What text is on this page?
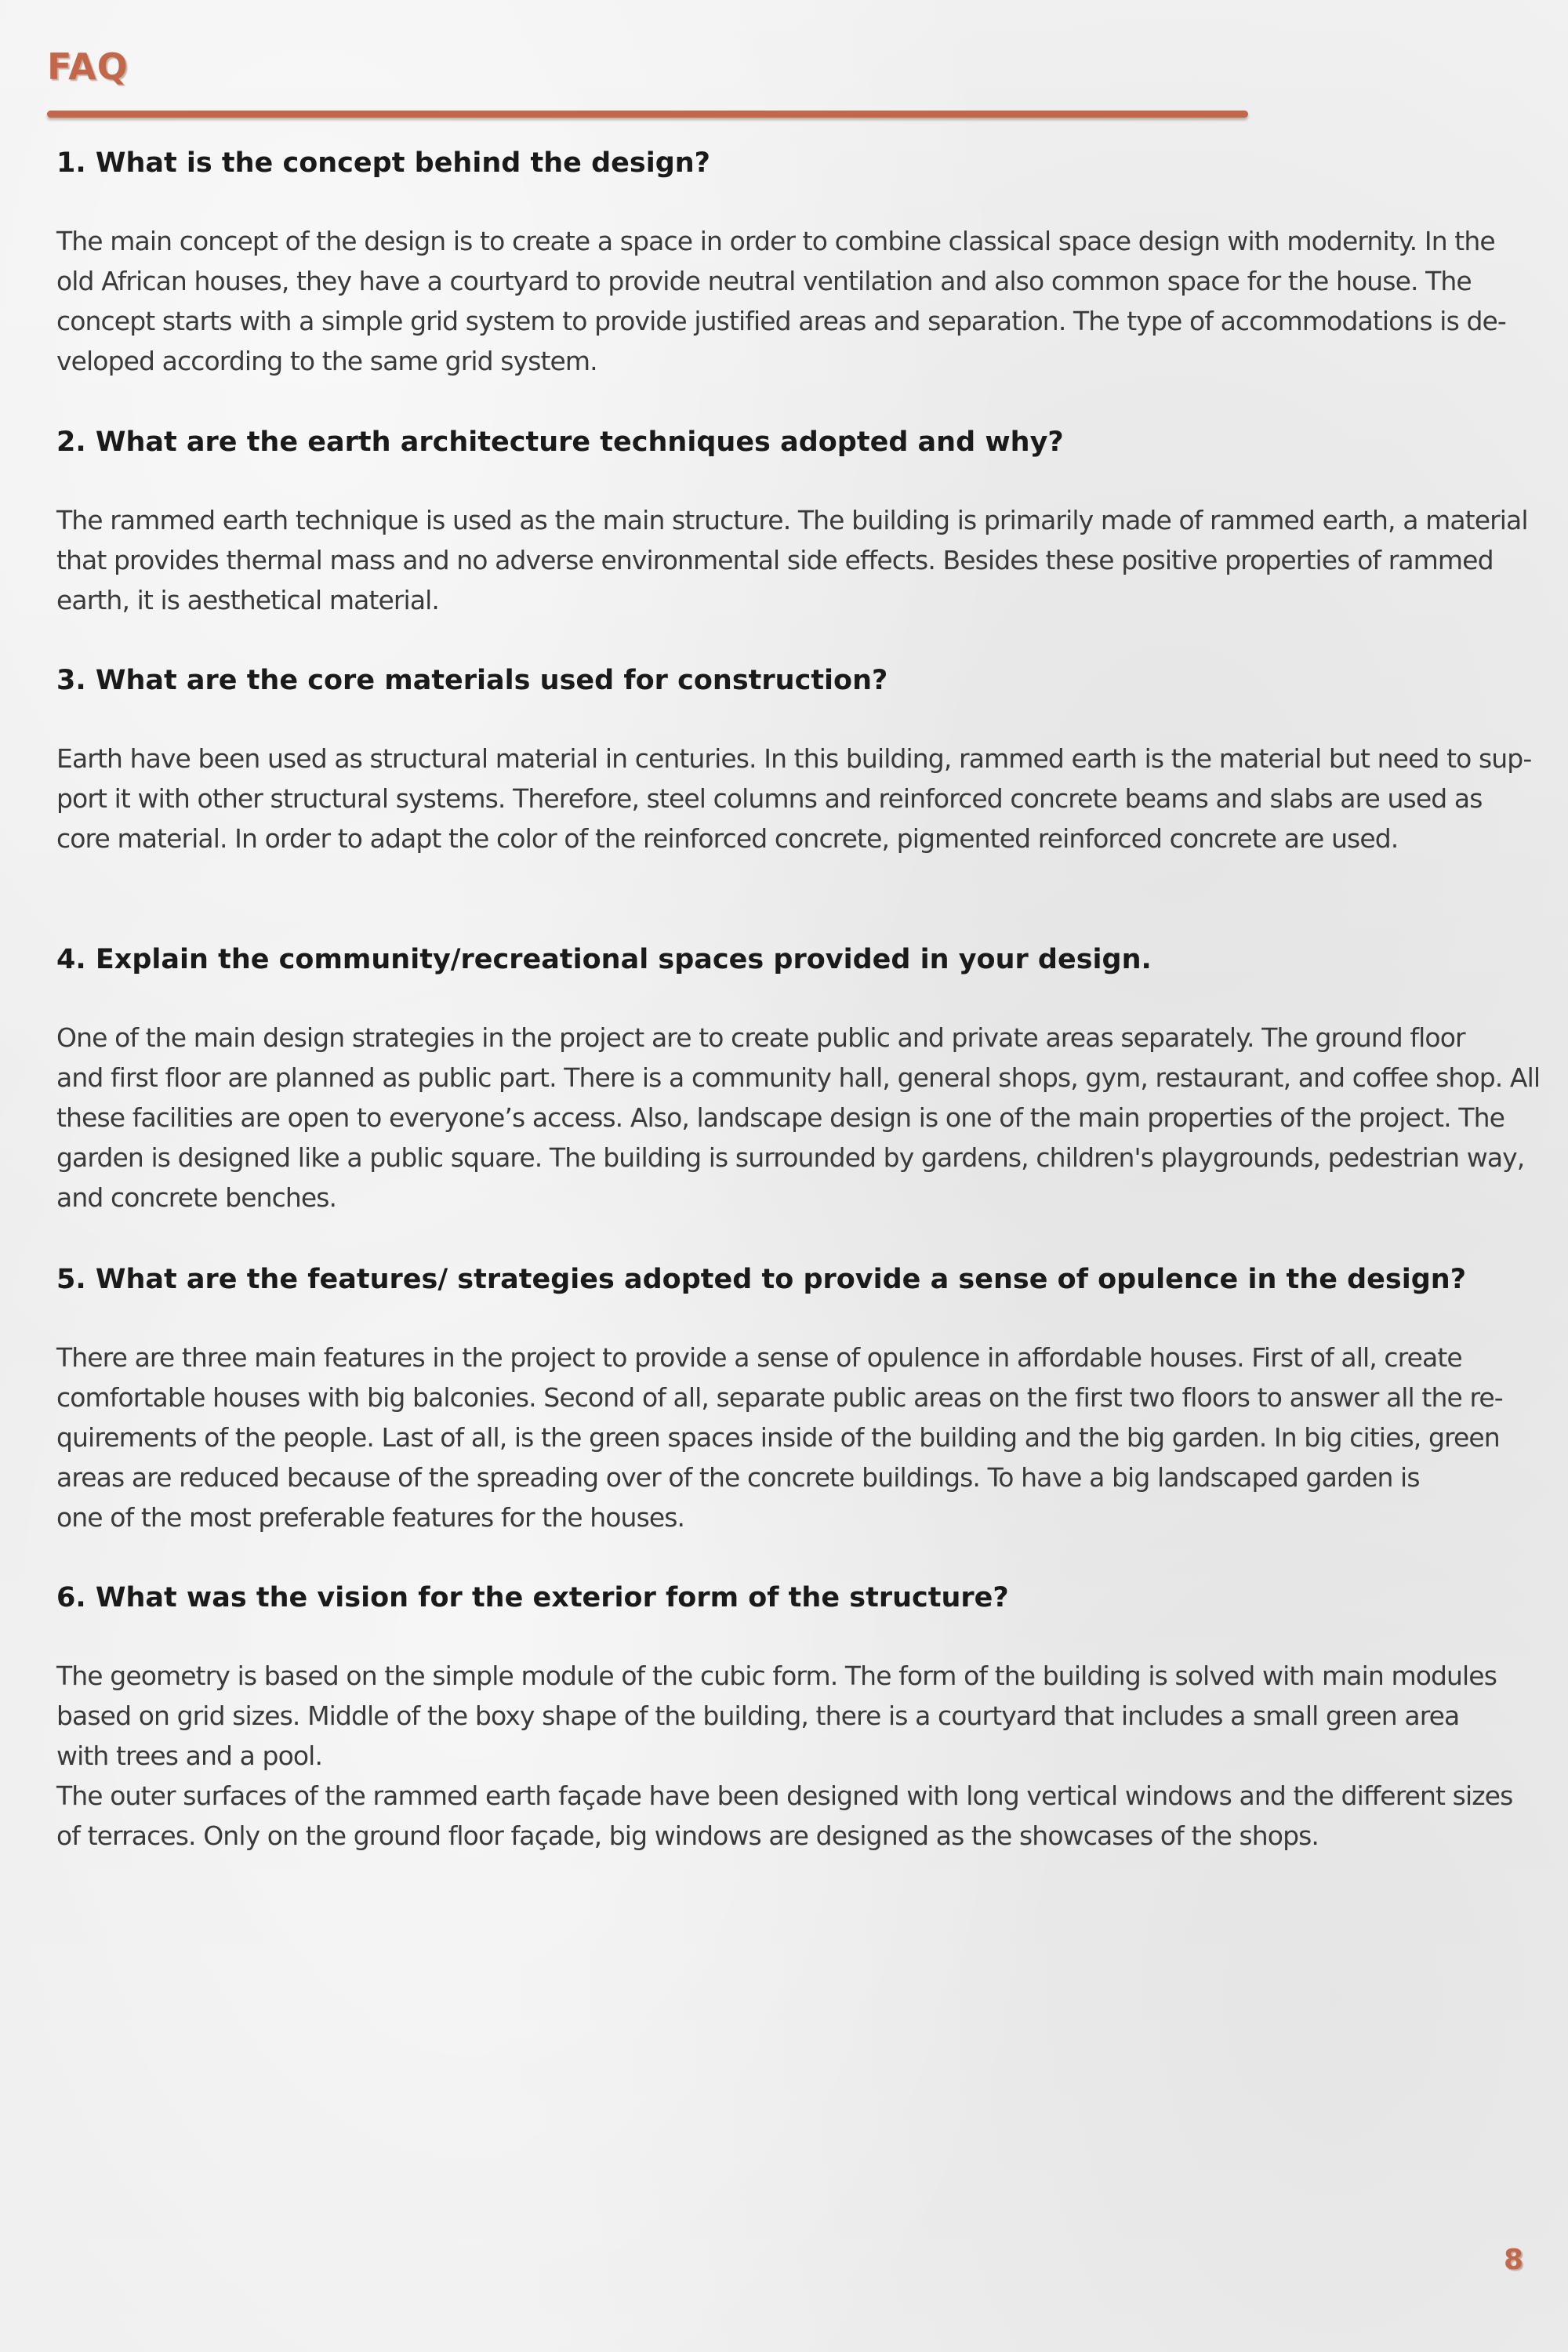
FAQ
1. What is the concept behind the design?

The main concept of the design is to create a space in order to combine classical space design with modernity. In the
old African houses, they have a courtyard to provide neutral ventilation and also common space for the house. The
concept starts with a simple grid system to provide justified areas and separation. The type of accommodations is de-
veloped according to the same grid system.

2. What are the earth architecture techniques adopted and why?

The rammed earth technique is used as the main structure. The building is primarily made of rammed earth, a material
that provides thermal mass and no adverse environmental side effects. Besides these positive properties of rammed
earth, it is aesthetical material.

3. What are the core materials used for construction?

Earth have been used as structural material in centuries. In this building, rammed earth is the material but need to sup-
port it with other structural systems. Therefore, steel columns and reinforced concrete beams and slabs are used as
core material. In order to adapt the color of the reinforced concrete, pigmented reinforced concrete are used.

4. Explain the community/recreational spaces provided in your design.

One of the main design strategies in the project are to create public and private areas separately. The ground floor
and first floor are planned as public part. There is a community hall, general shops, gym, restaurant, and coffee shop. All
these facilities are open to everyone’s access. Also, landscape design is one of the main properties of the project. The
garden is designed like a public square. The building is surrounded by gardens, children's playgrounds, pedestrian way,
and concrete benches.

5. What are the features/ strategies adopted to provide a sense of opulence in the design?

There are three main features in the project to provide a sense of opulence in affordable houses. First of all, create
comfortable houses with big balconies. Second of all, separate public areas on the first two floors to answer all the re-
quirements of the people. Last of all, is the green spaces inside of the building and the big garden. In big cities, green
areas are reduced because of the spreading over of the concrete buildings. To have a big landscaped garden is
one of the most preferable features for the houses.

6. What was the vision for the exterior form of the structure?

The geometry is based on the simple module of the cubic form. The form of the building is solved with main modules
based on grid sizes. Middle of the boxy shape of the building, there is a courtyard that includes a small green area
with trees and a pool.
The outer surfaces of the rammed earth façade have been designed with long vertical windows and the different sizes
of terraces. Only on the ground floor façade, big windows are designed as the showcases of the shops.

8
